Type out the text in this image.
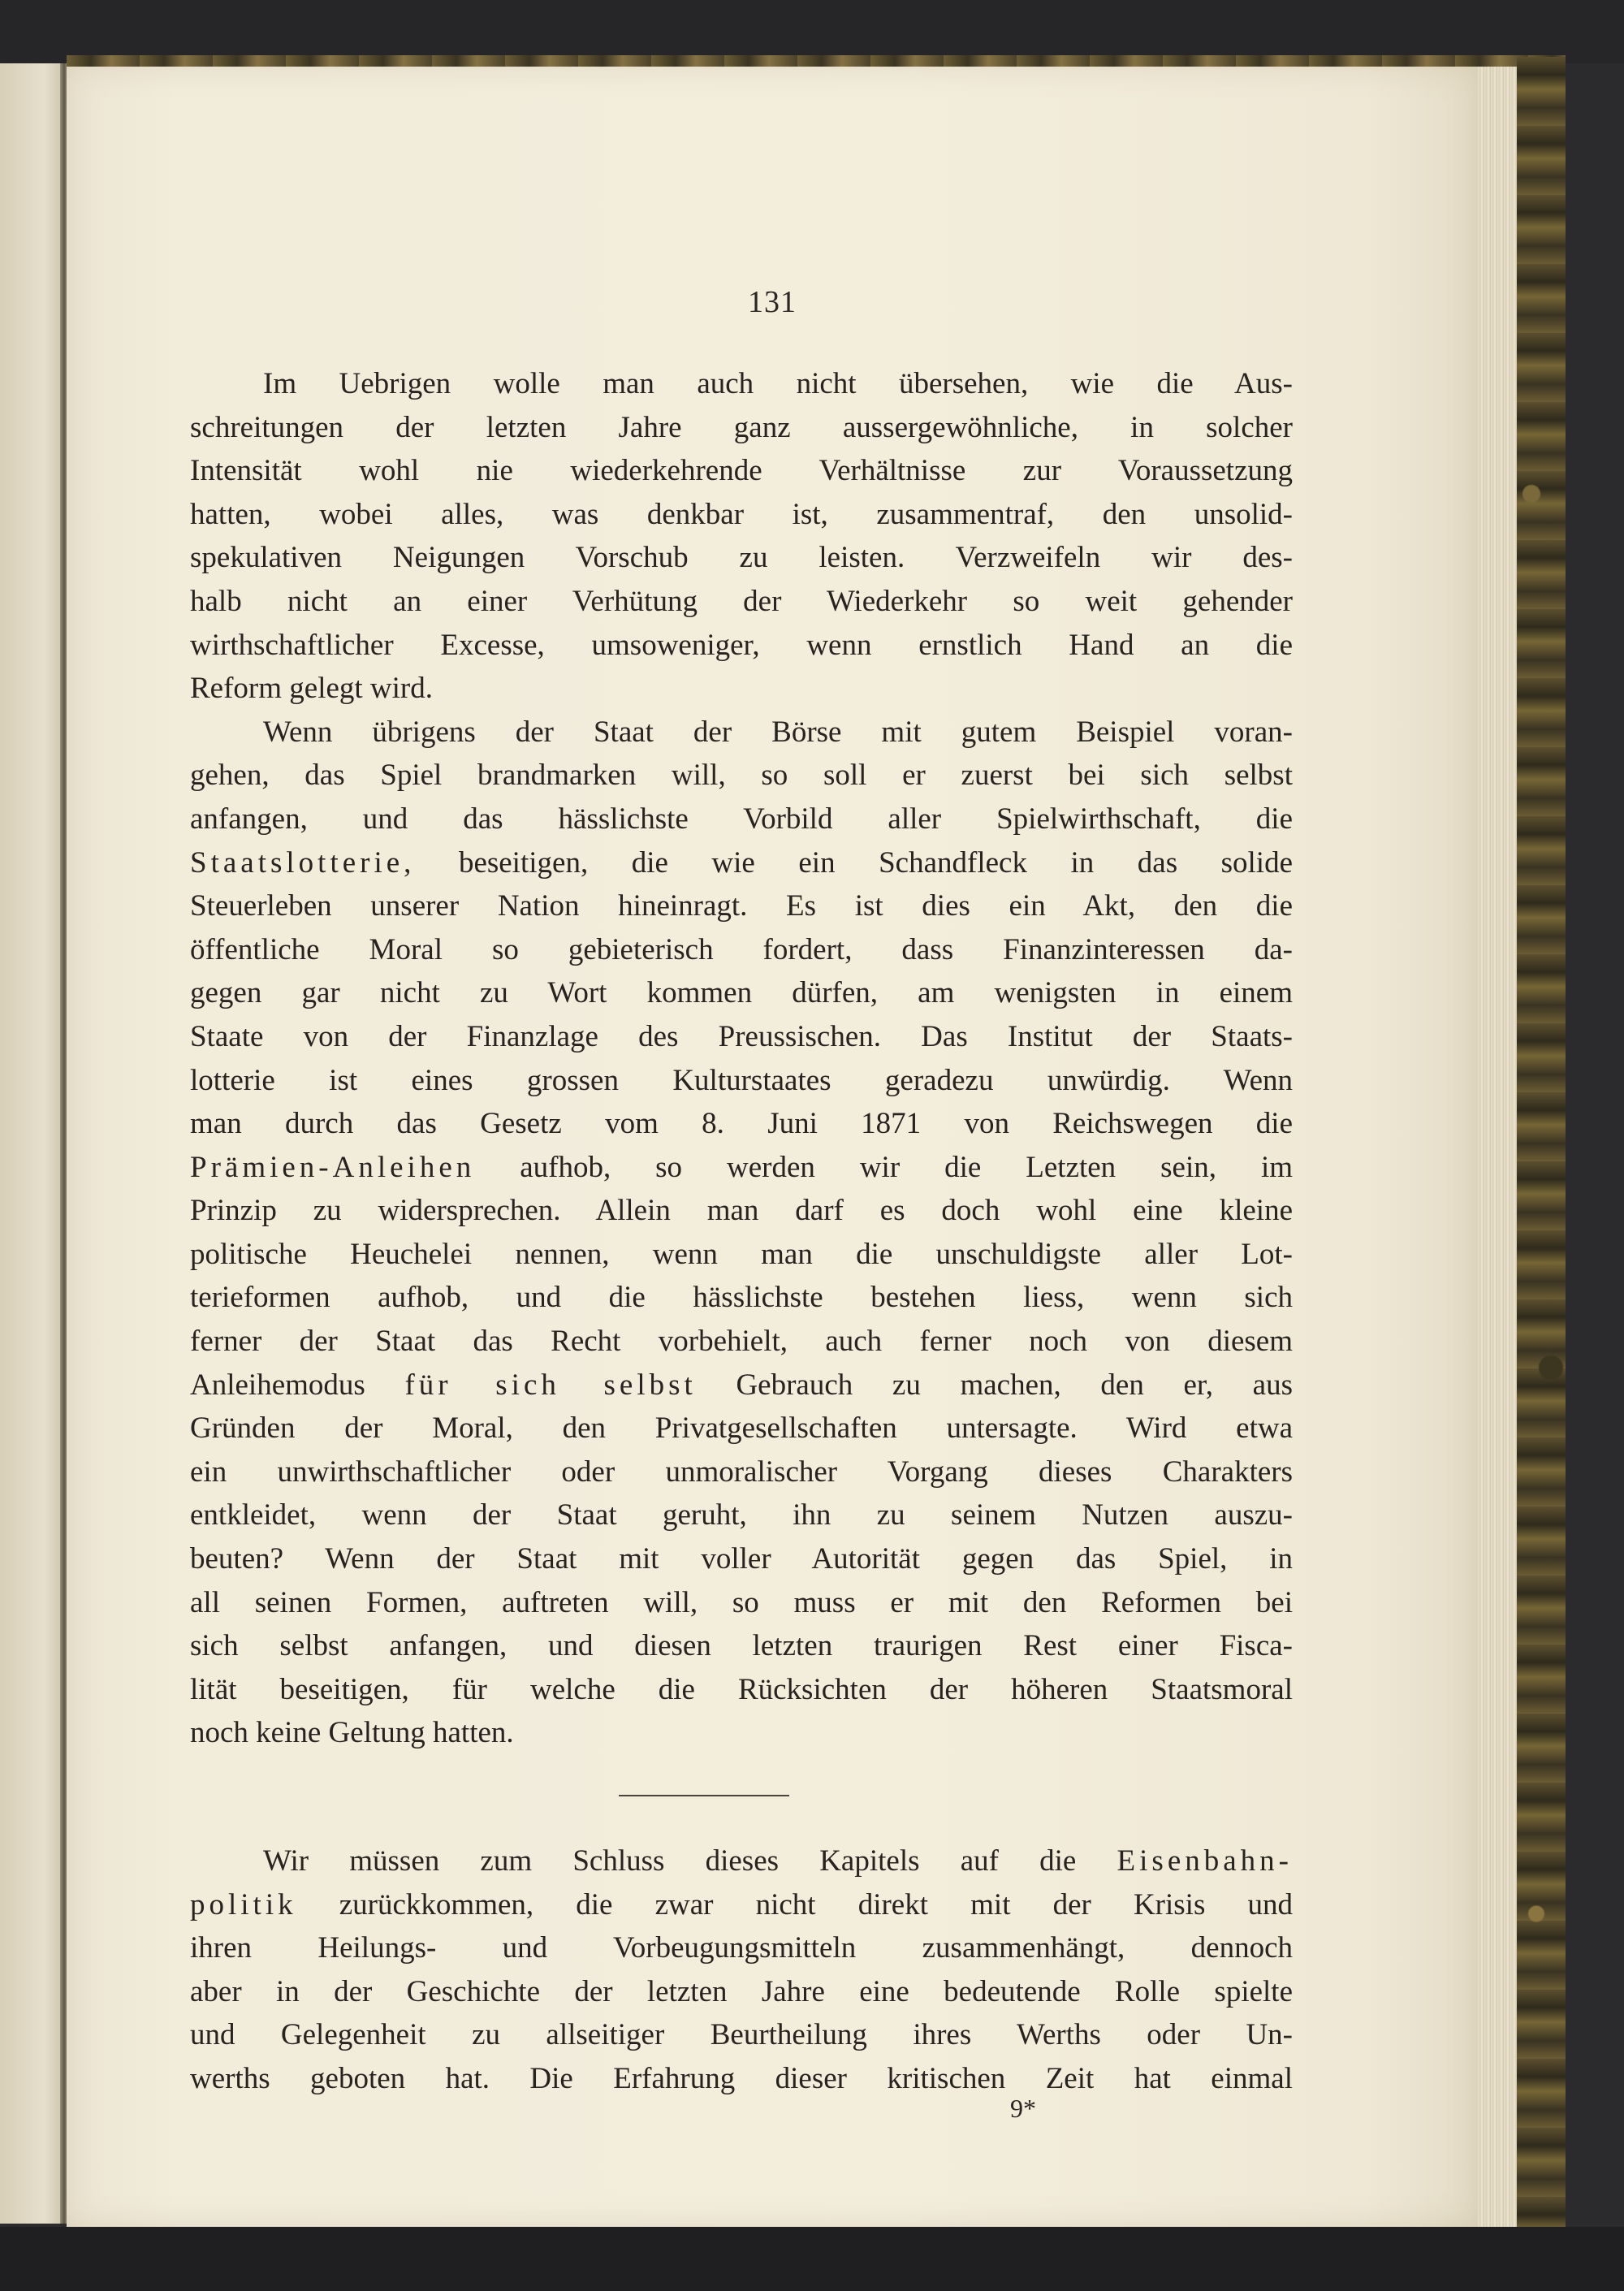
131
Im Uebrigen wolle man auch nicht übersehen, wie die Aus-
schreitungen der letzten Jahre ganz aussergewöhnliche, in solcher
Intensität wohl nie wiederkehrende Verhältnisse zur Voraussetzung
hatten, wobei alles, was denkbar ist, zusammentraf, den unsolid-
spekulativen Neigungen Vorschub zu leisten. Verzweifeln wir des-
halb nicht an einer Verhütung der Wiederkehr so weit gehender
wirthschaftlicher Excesse, umsoweniger, wenn ernstlich Hand an die
Reform gelegt wird.
Wenn übrigens der Staat der Börse mit gutem Beispiel voran-
gehen, das Spiel brandmarken will, so soll er zuerst bei sich selbst
anfangen, und das hässlichste Vorbild aller Spielwirthschaft, die
Staatslotterie, beseitigen, die wie ein Schandfleck in das solide
Steuerleben unserer Nation hineinragt. Es ist dies ein Akt, den die
öffentliche Moral so gebieterisch fordert, dass Finanzinteressen da-
gegen gar nicht zu Wort kommen dürfen, am wenigsten in einem
Staate von der Finanzlage des Preussischen. Das Institut der Staats-
lotterie ist eines grossen Kulturstaates geradezu unwürdig. Wenn
man durch das Gesetz vom 8. Juni 1871 von Reichswegen die
Prämien-Anleihen aufhob, so werden wir die Letzten sein, im
Prinzip zu widersprechen. Allein man darf es doch wohl eine kleine
politische Heuchelei nennen, wenn man die unschuldigste aller Lot-
terieformen aufhob, und die hässlichste bestehen liess, wenn sich
ferner der Staat das Recht vorbehielt, auch ferner noch von diesem
Anleihemodus für sich selbst Gebrauch zu machen, den er, aus
Gründen der Moral, den Privatgesellschaften untersagte. Wird etwa
ein unwirthschaftlicher oder unmoralischer Vorgang dieses Charakters
entkleidet, wenn der Staat geruht, ihn zu seinem Nutzen auszu-
beuten? Wenn der Staat mit voller Autorität gegen das Spiel, in
all seinen Formen, auftreten will, so muss er mit den Reformen bei
sich selbst anfangen, und diesen letzten traurigen Rest einer Fisca-
lität beseitigen, für welche die Rücksichten der höheren Staatsmoral
noch keine Geltung hatten.
Wir müssen zum Schluss dieses Kapitels auf die Eisenbahn-
politik zurückkommen, die zwar nicht direkt mit der Krisis und
ihren Heilungs- und Vorbeugungsmitteln zusammenhängt, dennoch
aber in der Geschichte der letzten Jahre eine bedeutende Rolle spielte
und Gelegenheit zu allseitiger Beurtheilung ihres Werths oder Un-
werths geboten hat. Die Erfahrung dieser kritischen Zeit hat einmal
9*
